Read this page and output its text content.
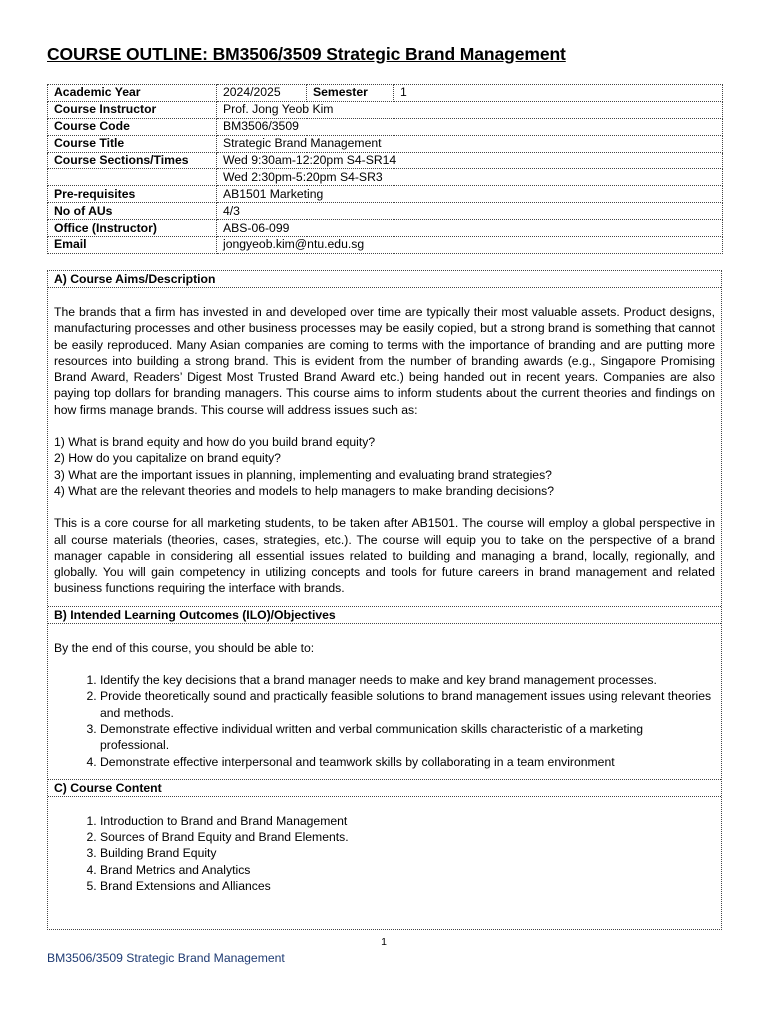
COURSE OUTLINE: BM3506/3509 Strategic Brand Management
Academic Year	2024/2025	Semester	1
Course Instructor	Prof. Jong Yeob Kim		
Course Code	BM3506/3509		
Course Title	Strategic Brand Management		
Course Sections/Times	Wed 9:30am-12:20pm S4-SR14		
	Wed 2:30pm-5:20pm S4-SR3		
Pre-requisites	AB1501 Marketing		
No of AUs	4/3		
Office (Instructor)	ABS-06-099		
Email	jongyeob.kim@ntu.edu.sg		
A) Course Aims/Description

The brands that a firm has invested in and developed over time are typically their most valuable assets. Product designs, manufacturing processes and other business processes may be easily copied, but a strong brand is something that cannot be easily reproduced. Many Asian companies are coming to terms with the importance of branding and are putting more resources into building a strong brand. This is evident from the number of branding awards (e.g., Singapore Promising Brand Award, Readers’ Digest Most Trusted Brand Award etc.) being handed out in recent years. Companies are also paying top dollars for branding managers. This course aims to inform students about the current theories and findings on how firms manage brands. This course will address issues such as:

1) What is brand equity and how do you build brand equity?
2) How do you capitalize on brand equity?
3) What are the important issues in planning, implementing and evaluating brand strategies?
4) What are the relevant theories and models to help managers to make branding decisions?

This is a core course for all marketing students, to be taken after AB1501. The course will employ a global perspective in all course materials (theories, cases, strategies, etc.). The course will equip you to take on the perspective of a brand manager capable in considering all essential issues related to building and managing a brand, locally, regionally, and globally. You will gain competency in utilizing concepts and tools for future careers in brand management and related business functions requiring the interface with brands.

B) Intended Learning Outcomes (ILO)/Objectives
By the end of this course, you should be able to:
1. Identify the key decisions that a brand manager needs to make and key brand management processes.
2. Provide theoretically sound and practically feasible solutions to brand management issues using relevant theories and methods.
3. Demonstrate effective individual written and verbal communication skills characteristic of a marketing professional.
4. Demonstrate effective interpersonal and teamwork skills by collaborating in a team environment
C) Course Content
1. Introduction to Brand and Brand Management
2. Sources of Brand Equity and Brand Elements.
3. Building Brand Equity
4. Brand Metrics and Analytics
5. Brand Extensions and Alliances
1
BM3506/3509 Strategic Brand Management
